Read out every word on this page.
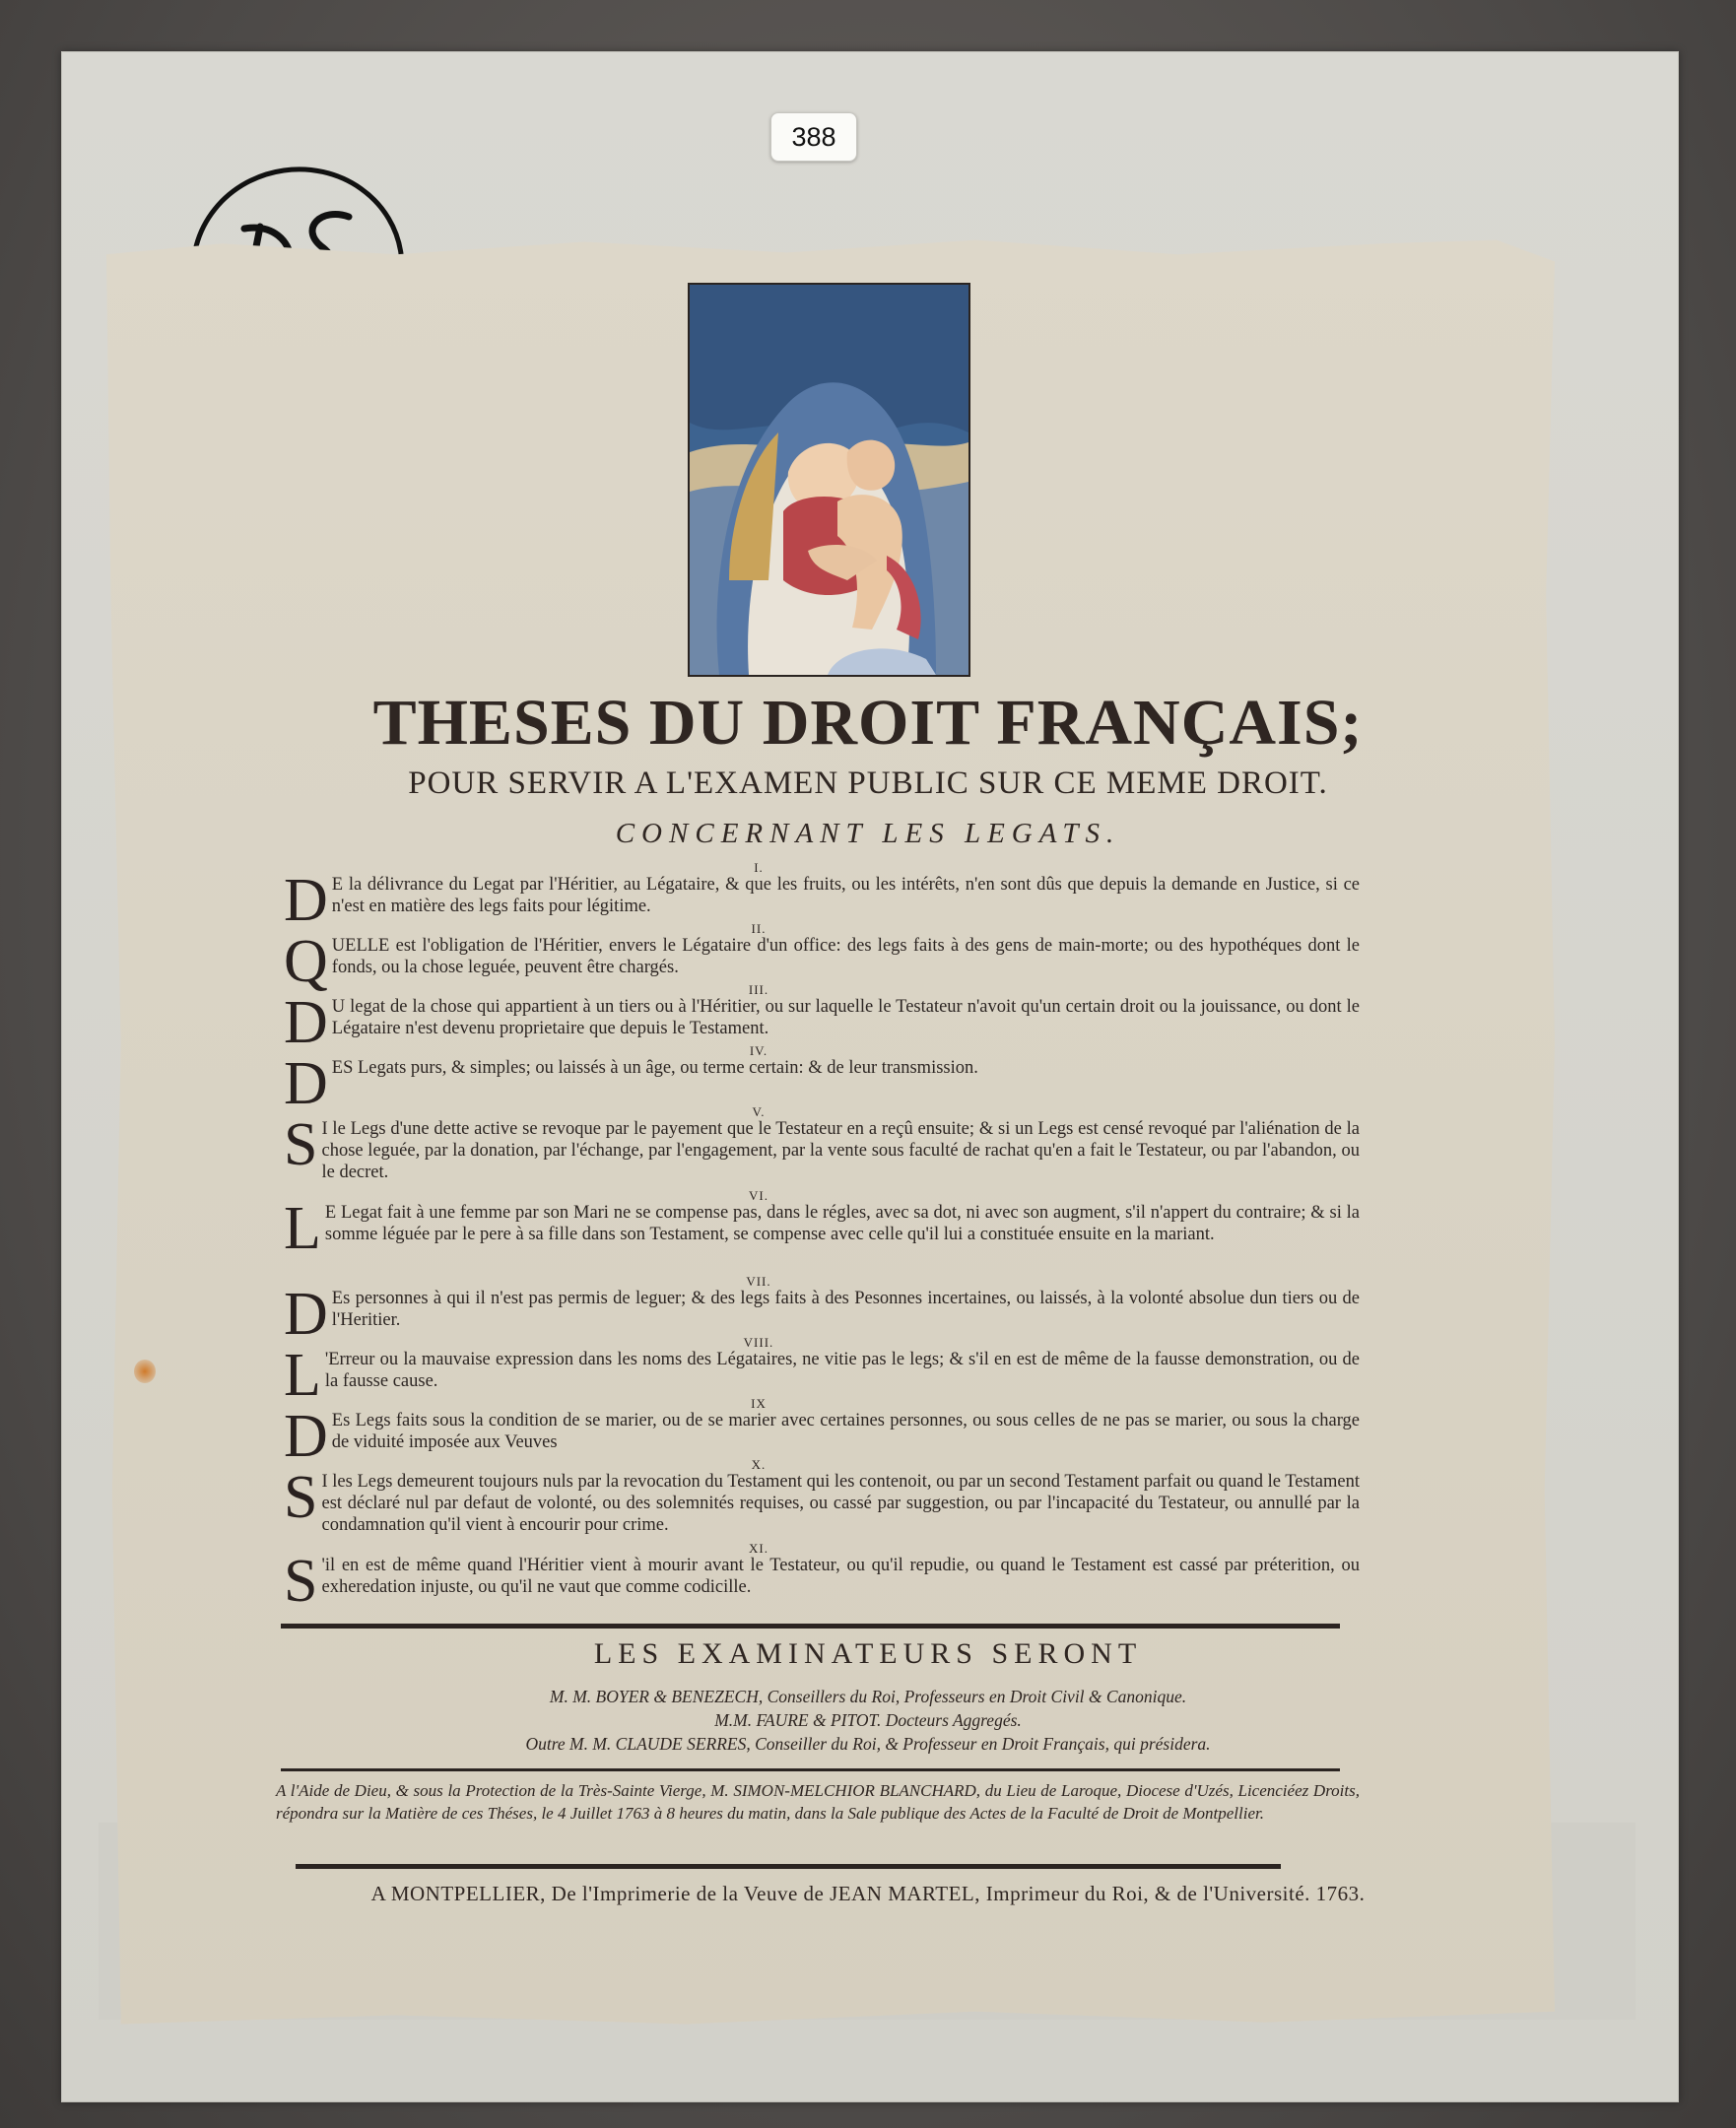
388
THESES DU DROIT FRANÇAIS;
POUR SERVIR A L'EXAMEN PUBLIC SUR CE MEME DROIT.
CONCERNANT LES LEGATS.
I.
D E la délivrance du Legat par l'Héritier, au Légataire, & que les fruits, ou les intérêts, n'en sont dûs que depuis la demande en Justice, si ce n'est en matière des legs faits pour légitime.
II.
QUELLE est l'obligation de l'Héritier, envers le Légataire d'un office: des legs faits à des gens de main-morte; ou des hypothéques dont le fonds, ou la chose leguée, peuvent être chargés.
III.
D U legat de la chose qui appartient à un tiers ou à l'Héritier, ou sur laquelle le Testateur n'avoit qu'un certain droit ou la jouissance, ou dont le Légataire n'est devenu proprietaire que depuis le Testament.
IV.
DES Legats purs, & simples; ou laissés à un âge, ou terme certain: & de leur transmission.
V.
S I le Legs d'une dette active se revoque par le payement que le Testateur en a reçû ensuite; & si un Legs est censé revoqué par l'aliénation de la chose leguée, par la donation, par l'échange, par l'engagement, par la vente sous faculté de rachat qu'en a fait le Testateur, ou par l'abandon, ou le decret.
VI.
L E Legat fait à une femme par son Mari ne se compense pas, dans le régles, avec sa dot, ni avec son augment, s'il n'appert du contraire; & si la somme léguée par le pere à sa fille dans son Testament, se compense avec celle qu'il lui a constituée ensuite en la mariant.
VII.
D Es personnes à qui il n'est pas permis de leguer; & des legs faits à des Pesonnes incertaines, ou laissés, à la volonté absolue dun tiers ou de l'Heritier.
VIII.
L 'Erreur ou la mauvaise expression dans les noms des Légataires, ne vitie pas le legs; & s'il en est de même de la fausse demonstration, ou de la fausse cause.
IX
D Es Legs faits sous la condition de se marier, ou de se marier avec certaines personnes, ou sous celles de ne pas se marier, ou sous la charge de viduité imposée aux Veuves
X.
S I les Legs demeurent toujours nuls par la revocation du Testament qui les contenoit, ou par un second Testament parfait ou quand le Testament est déclaré nul par defaut de volonté, ou des solemnités requises, ou cassé par suggestion, ou par l'incapacité du Testateur, ou annullé par la condamnation qu'il vient à encourir pour crime.
XI.
S 'il en est de même quand l'Héritier vient à mourir avant le Testateur, ou qu'il repudie, ou quand le Testament est cassé par préterition, ou exheredation injuste, ou qu'il ne vaut que comme codicille.
LES EXAMINATEURS SERONT
M. M. BOYER & BENEZECH, Conseillers du Roi, Professeurs en Droit Civil & Canonique.
M.M. FAURE & PITOT. Docteurs Aggregés.
Outre M. M. CLAUDE SERRES, Conseiller du Roi, & Professeur en Droit Français, qui présidera.
A l'Aide de Dieu, & sous la Protection de la Très-Sainte Vierge, M. SIMON-MELCHIOR BLANCHARD, du Lieu de Laroque, Diocese d'Uzés, Licenciéez Droits, répondra sur la Matière de ces Théses, le 4 Juillet 1763 à 8 heures du matin, dans la Sale publique des Actes de la Faculté de Droit de Montpellier.
A MONTPELLIER, De l'Imprimerie de la Veuve de JEAN MARTEL, Imprimeur du Roi, & de l'Université. 1763.
